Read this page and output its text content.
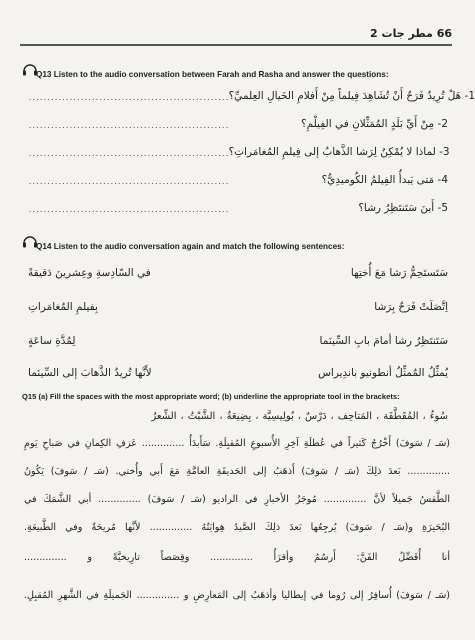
66 مطر جات 2
Q13 Listen to the audio conversation between Farah and Rasha and answer the questions:
...................................................... 1- هَلْ تُرِيدُ فَرَحٌ أَنْ تُشَاهِدَ فِيلماً مِنْ أَفلامِ الخَيالِ العِلميِّ؟
......................................................	2- مِنْ أَيِّ بَلَدٍ المُمَثِّلانِ في الفِيلْمِ؟
...................................................... 3- لماذا لا يُمْكِنُ لِرَشا الذَّهابُ إلى فِيلمِ المُغامَراتِ؟
......................................................	4- مَتى يَبدأُ الفِيلمُ الكُوميدِيُّ؟
......................................................	5- أَينَ سَتَنتَظِرُ رشا؟
Q14 Listen to the audio conversation again and match the following sentences:
في السّادِسةِ وعِشرينَ دَقيقةً	سَتَستَحِمُّ رَشا مَعَ أُختِها
بِفيلمِ المُغامَراتِ	اِتَّصَلَتْ فَرَحٌ بِرَشا
لِمُدَّةِ ساعَةٍ	سَتَنتَظِرُ رشا أمامَ بابِ السِّينَما
لأَنَّها تُريدُ الذَّهابَ إلى السِّينَما	يُمثِّلُ المُمثِّلُ أنطونيو باندِيراس
Q15 (a) Fill the spaces with the most appropriate word; (b) underline the appropriate tool in the brackets:
الشِّعرُ ، الشَّبْتُ ، بِضِيعَةٌ ، بُولِيسِيَّة ، دَرْسٌ ، المَتاحِف ، المُقَطَّفَة ، سُوءُ
(سَـ / سَوفَ) أَخْرُجُ كَثيراً في عُطلَةِ آخِرِ الأُسبوعِ المُقبِلَةِ. سَأَبدَأُ .............. عَزفِ الكِمانِ في صَباحِ يَومِ
.............. بَعدَ ذلِكَ (سَـ / سَوفَ) أَذهَبُ إلى الحَديقَةِ العامَّةِ مَعَ أَبي وأُختي. (سَـ / سَوفَ) يَكُونُ
الطَّقسُ جَميلاً لأنَّ .............. مُوجَزُ الأخبارِ في الراديو (سَـ / سَوفَ) .............. أبي الشَّمَكَ في
البُحَيرَةِ و(سَـ / سَوفَ) يُرجِعُها بَعدَ ذلِكَ الصَّيدُ هِوايَتُهُ .............. لأنَّها مُريحَةٌ وفي الطَّبيعَةِ.
أنا أُفَضِّلُ الفَنَّ: أَرسُمُ وأقرَأُ .............. وقِصَصاً تارِيخيَّةً و ..............
(سَـ / سَوفَ) أُسافِرُ إلى رُوما في إيطاليا وأذهَبُ إلى المَعارِضِ و .............. الجَميلَةِ في الشَّهرِ المُقبِلِ.
